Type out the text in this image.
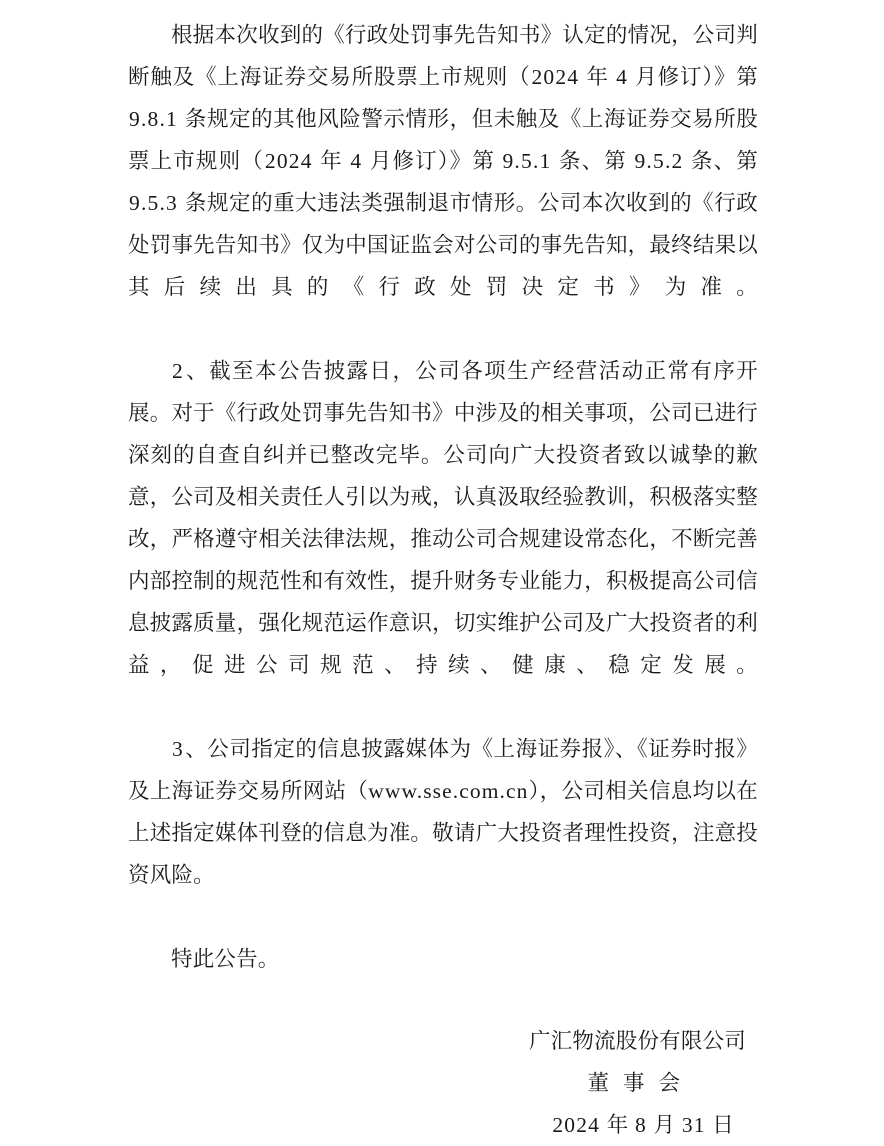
根据本次收到的《行政处罚事先告知书》认定的情况，公司判断触及《上海证券交易所股票上市规则（2024 年 4 月修订）》第 9.8.1 条规定的其他风险警示情形，但未触及《上海证券交易所股票上市规则（2024 年 4 月修订）》第 9.5.1 条、第 9.5.2 条、第 9.5.3 条规定的重大违法类强制退市情形。公司本次收到的《行政处罚事先告知书》仅为中国证监会对公司的事先告知，最终结果以其后续出具的《行政处罚决定书》为准。

2、截至本公告披露日，公司各项生产经营活动正常有序开展。对于《行政处罚事先告知书》中涉及的相关事项，公司已进行深刻的自查自纠并已整改完毕。公司向广大投资者致以诚挚的歉意，公司及相关责任人引以为戒，认真汲取经验教训，积极落实整改，严格遵守相关法律法规，推动公司合规建设常态化，不断完善内部控制的规范性和有效性，提升财务专业能力，积极提高公司信息披露质量，强化规范运作意识，切实维护公司及广大投资者的利益，促进公司规范、持续、健康、稳定发展。

3、公司指定的信息披露媒体为《上海证券报》、《证券时报》及上海证券交易所网站（www.sse.com.cn），公司相关信息均以在上述指定媒体刊登的信息为准。敬请广大投资者理性投资，注意投资风险。

特此公告。

广汇物流股份有限公司
董事会
2024 年 8 月 31 日
